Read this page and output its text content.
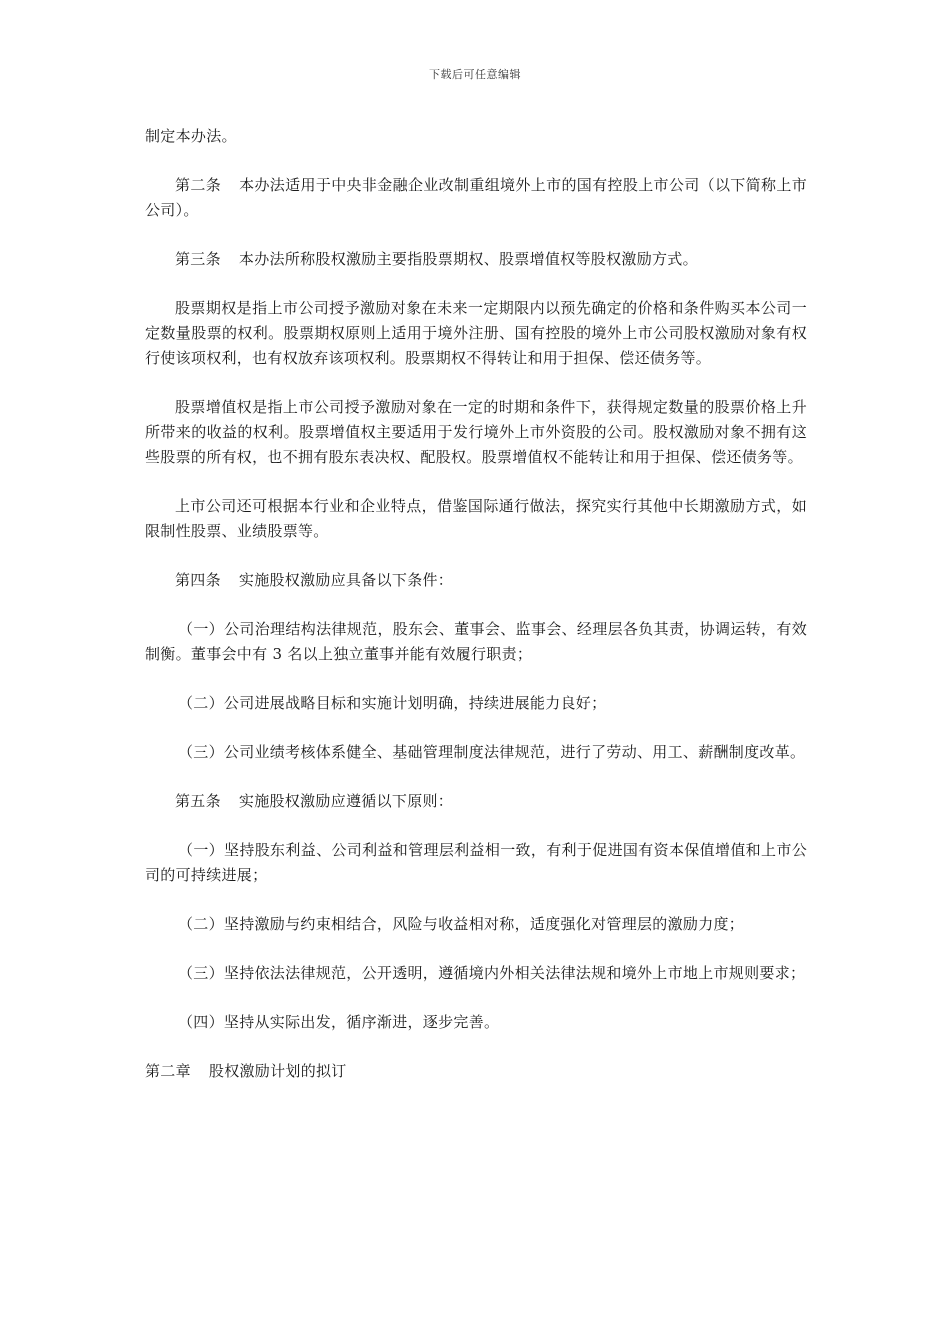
下载后可任意编辑

制定本办法。

第二条 本办法适用于中央非金融企业改制重组境外上市的国有控股上市公司（以下简称上市公司）。

第三条 本办法所称股权激励主要指股票期权、股票增值权等股权激励方式。

股票期权是指上市公司授予激励对象在未来一定期限内以预先确定的价格和条件购买本公司一定数量股票的权利。股票期权原则上适用于境外注册、国有控股的境外上市公司股权激励对象有权行使该项权利，也有权放弃该项权利。股票期权不得转让和用于担保、偿还债务等。

股票增值权是指上市公司授予激励对象在一定的时期和条件下，获得规定数量的股票价格上升所带来的收益的权利。股票增值权主要适用于发行境外上市外资股的公司。股权激励对象不拥有这些股票的所有权，也不拥有股东表决权、配股权。股票增值权不能转让和用于担保、偿还债务等。

上市公司还可根据本行业和企业特点，借鉴国际通行做法，探究实行其他中长期激励方式，如限制性股票、业绩股票等。

第四条 实施股权激励应具备以下条件：

（一）公司治理结构法律规范，股东会、董事会、监事会、经理层各负其责，协调运转，有效制衡。董事会中有 3 名以上独立董事并能有效履行职责；

（二）公司进展战略目标和实施计划明确，持续进展能力良好；

（三）公司业绩考核体系健全、基础管理制度法律规范，进行了劳动、用工、薪酬制度改革。

第五条 实施股权激励应遵循以下原则：

（一）坚持股东利益、公司利益和管理层利益相一致，有利于促进国有资本保值增值和上市公司的可持续进展；

（二）坚持激励与约束相结合，风险与收益相对称，适度强化对管理层的激励力度；

（三）坚持依法法律规范，公开透明，遵循境内外相关法律法规和境外上市地上市规则要求；

（四）坚持从实际出发，循序渐进，逐步完善。

第二章 股权激励计划的拟订
